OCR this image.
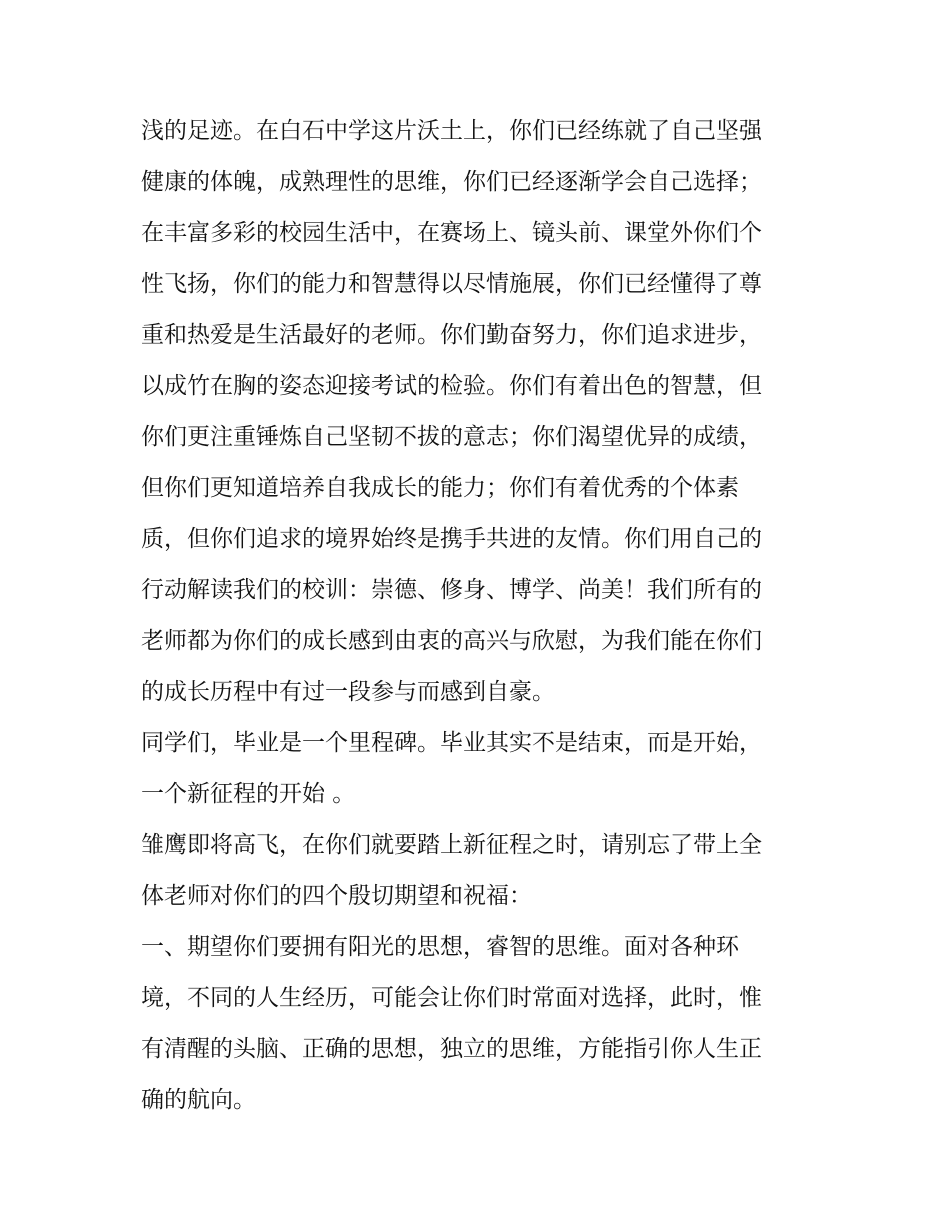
浅的足迹。在白石中学这片沃土上，你们已经练就了自己坚强
健康的体魄，成熟理性的思维，你们已经逐渐学会自己选择；
在丰富多彩的校园生活中，在赛场上、镜头前、课堂外你们个
性飞扬，你们的能力和智慧得以尽情施展，你们已经懂得了尊
重和热爱是生活最好的老师。你们勤奋努力，你们追求进步，
以成竹在胸的姿态迎接考试的检验。你们有着出色的智慧，但
你们更注重锤炼自己坚韧不拔的意志；你们渴望优异的成绩，
但你们更知道培养自我成长的能力；你们有着优秀的个体素
质，但你们追求的境界始终是携手共进的友情。你们用自己的
行动解读我们的校训：崇德、修身、博学、尚美！我们所有的
老师都为你们的成长感到由衷的高兴与欣慰，为我们能在你们
的成长历程中有过一段参与而感到自豪。
同学们，毕业是一个里程碑。毕业其实不是结束，而是开始，
一个新征程的开始 。
雏鹰即将高飞，在你们就要踏上新征程之时，请别忘了带上全
体老师对你们的四个殷切期望和祝福：
一、期望你们要拥有阳光的思想，睿智的思维。面对各种环
境，不同的人生经历，可能会让你们时常面对选择，此时，惟
有清醒的头脑、正确的思想，独立的思维，方能指引你人生正
确的航向。
